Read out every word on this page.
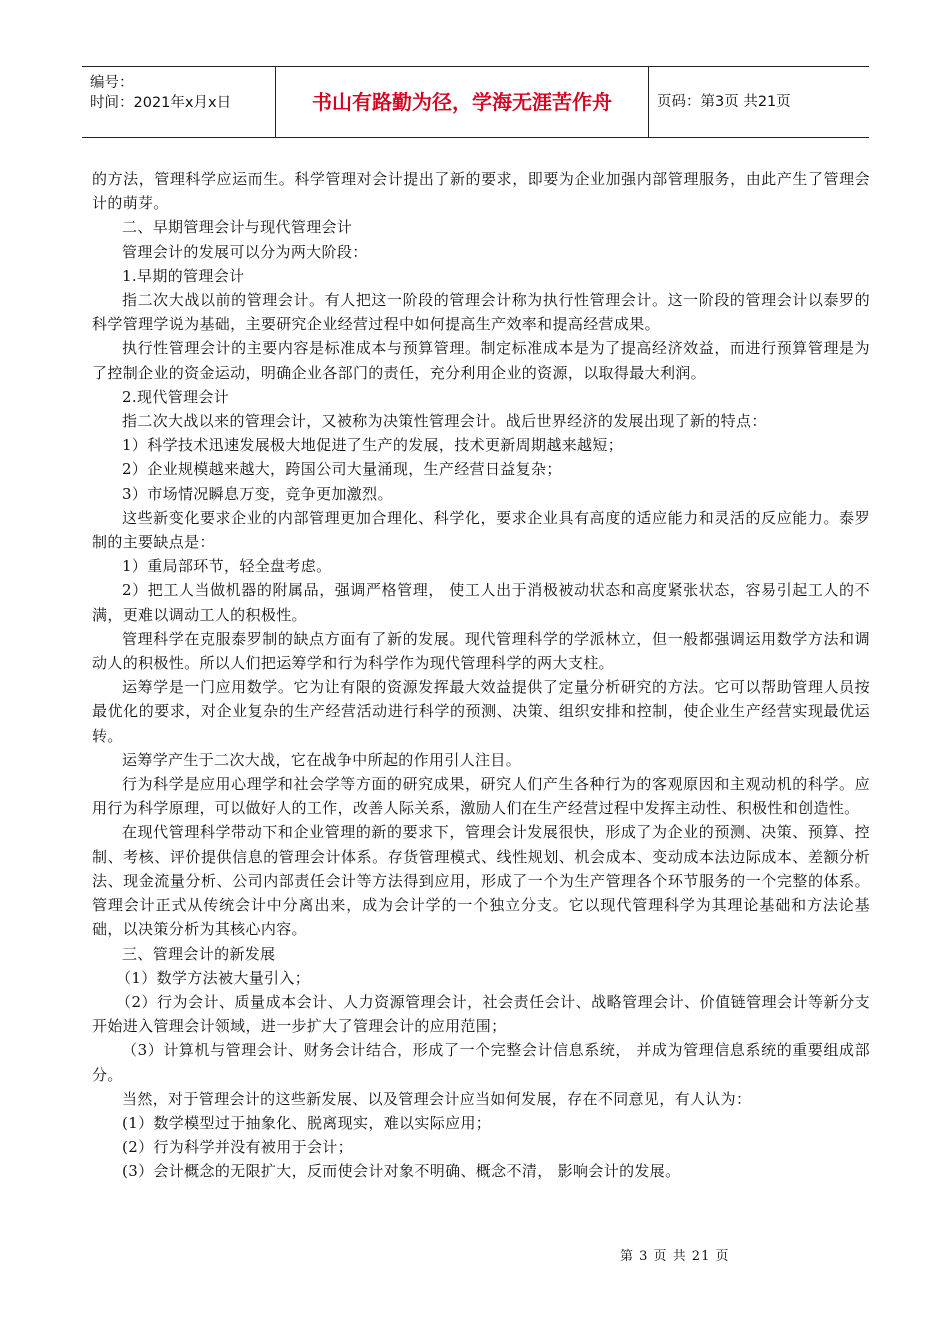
编号：
时间：2021年x月x日	书山有路勤为径，学海无涯苦作舟	页码：第3页 共21页

的方法，管理科学应运而生。科学管理对会计提出了新的要求，即要为企业加强内部管理服务，由此产生了管理会计的萌芽。

二、早期管理会计与现代管理会计

管理会计的发展可以分为两大阶段：

1.早期的管理会计

指二次大战以前的管理会计。有人把这一阶段的管理会计称为执行性管理会计。这一阶段的管理会计以泰罗的科学管理学说为基础，主要研究企业经营过程中如何提高生产效率和提高经营成果。

执行性管理会计的主要内容是标准成本与预算管理。制定标准成本是为了提高经济效益，而进行预算管理是为了控制企业的资金运动，明确企业各部门的责任，充分利用企业的资源，以取得最大利润。

2.现代管理会计

指二次大战以来的管理会计，又被称为决策性管理会计。战后世界经济的发展出现了新的特点：

1）科学技术迅速发展极大地促进了生产的发展，技术更新周期越来越短；

2）企业规模越来越大，跨国公司大量涌现，生产经营日益复杂；

3）市场情况瞬息万变，竞争更加激烈。

这些新变化要求企业的内部管理更加合理化、科学化，要求企业具有高度的适应能力和灵活的反应能力。泰罗制的主要缺点是：

1）重局部环节，轻全盘考虑。

2）把工人当做机器的附属品，强调严格管理， 使工人出于消极被动状态和高度紧张状态，容易引起工人的不满，更难以调动工人的积极性。

管理科学在克服泰罗制的缺点方面有了新的发展。现代管理科学的学派林立，但一般都强调运用数学方法和调动人的积极性。所以人们把运筹学和行为科学作为现代管理科学的两大支柱。

运筹学是一门应用数学。它为让有限的资源发挥最大效益提供了定量分析研究的方法。它可以帮助管理人员按最优化的要求，对企业复杂的生产经营活动进行科学的预测、决策、组织安排和控制，使企业生产经营实现最优运转。

运筹学产生于二次大战，它在战争中所起的作用引人注目。

行为科学是应用心理学和社会学等方面的研究成果，研究人们产生各种行为的客观原因和主观动机的科学。应用行为科学原理，可以做好人的工作，改善人际关系，激励人们在生产经营过程中发挥主动性、积极性和创造性。

在现代管理科学带动下和企业管理的新的要求下，管理会计发展很快，形成了为企业的预测、决策、预算、控制、考核、评价提供信息的管理会计体系。存货管理模式、线性规划、机会成本、变动成本法边际成本、差额分析法、现金流量分析、公司内部责任会计等方法得到应用，形成了一个为生产管理各个环节服务的一个完整的体系。管理会计正式从传统会计中分离出来，成为会计学的一个独立分支。它以现代管理科学为其理论基础和方法论基础，以决策分析为其核心内容。

三、管理会计的新发展

（1）数学方法被大量引入；

（2）行为会计、质量成本会计、人力资源管理会计，社会责任会计、战略管理会计、价值链管理会计等新分支开始进入管理会计领域，进一步扩大了管理会计的应用范围；

（3）计算机与管理会计、财务会计结合，形成了一个完整会计信息系统， 并成为管理信息系统的重要组成部分。

当然，对于管理会计的这些新发展、以及管理会计应当如何发展，存在不同意见，有人认为：

(1）数学模型过于抽象化、脱离现实，难以实际应用；

(2）行为科学并没有被用于会计；

(3）会计概念的无限扩大，反而使会计对象不明确、概念不清， 影响会计的发展。

第 3 页 共 21 页
